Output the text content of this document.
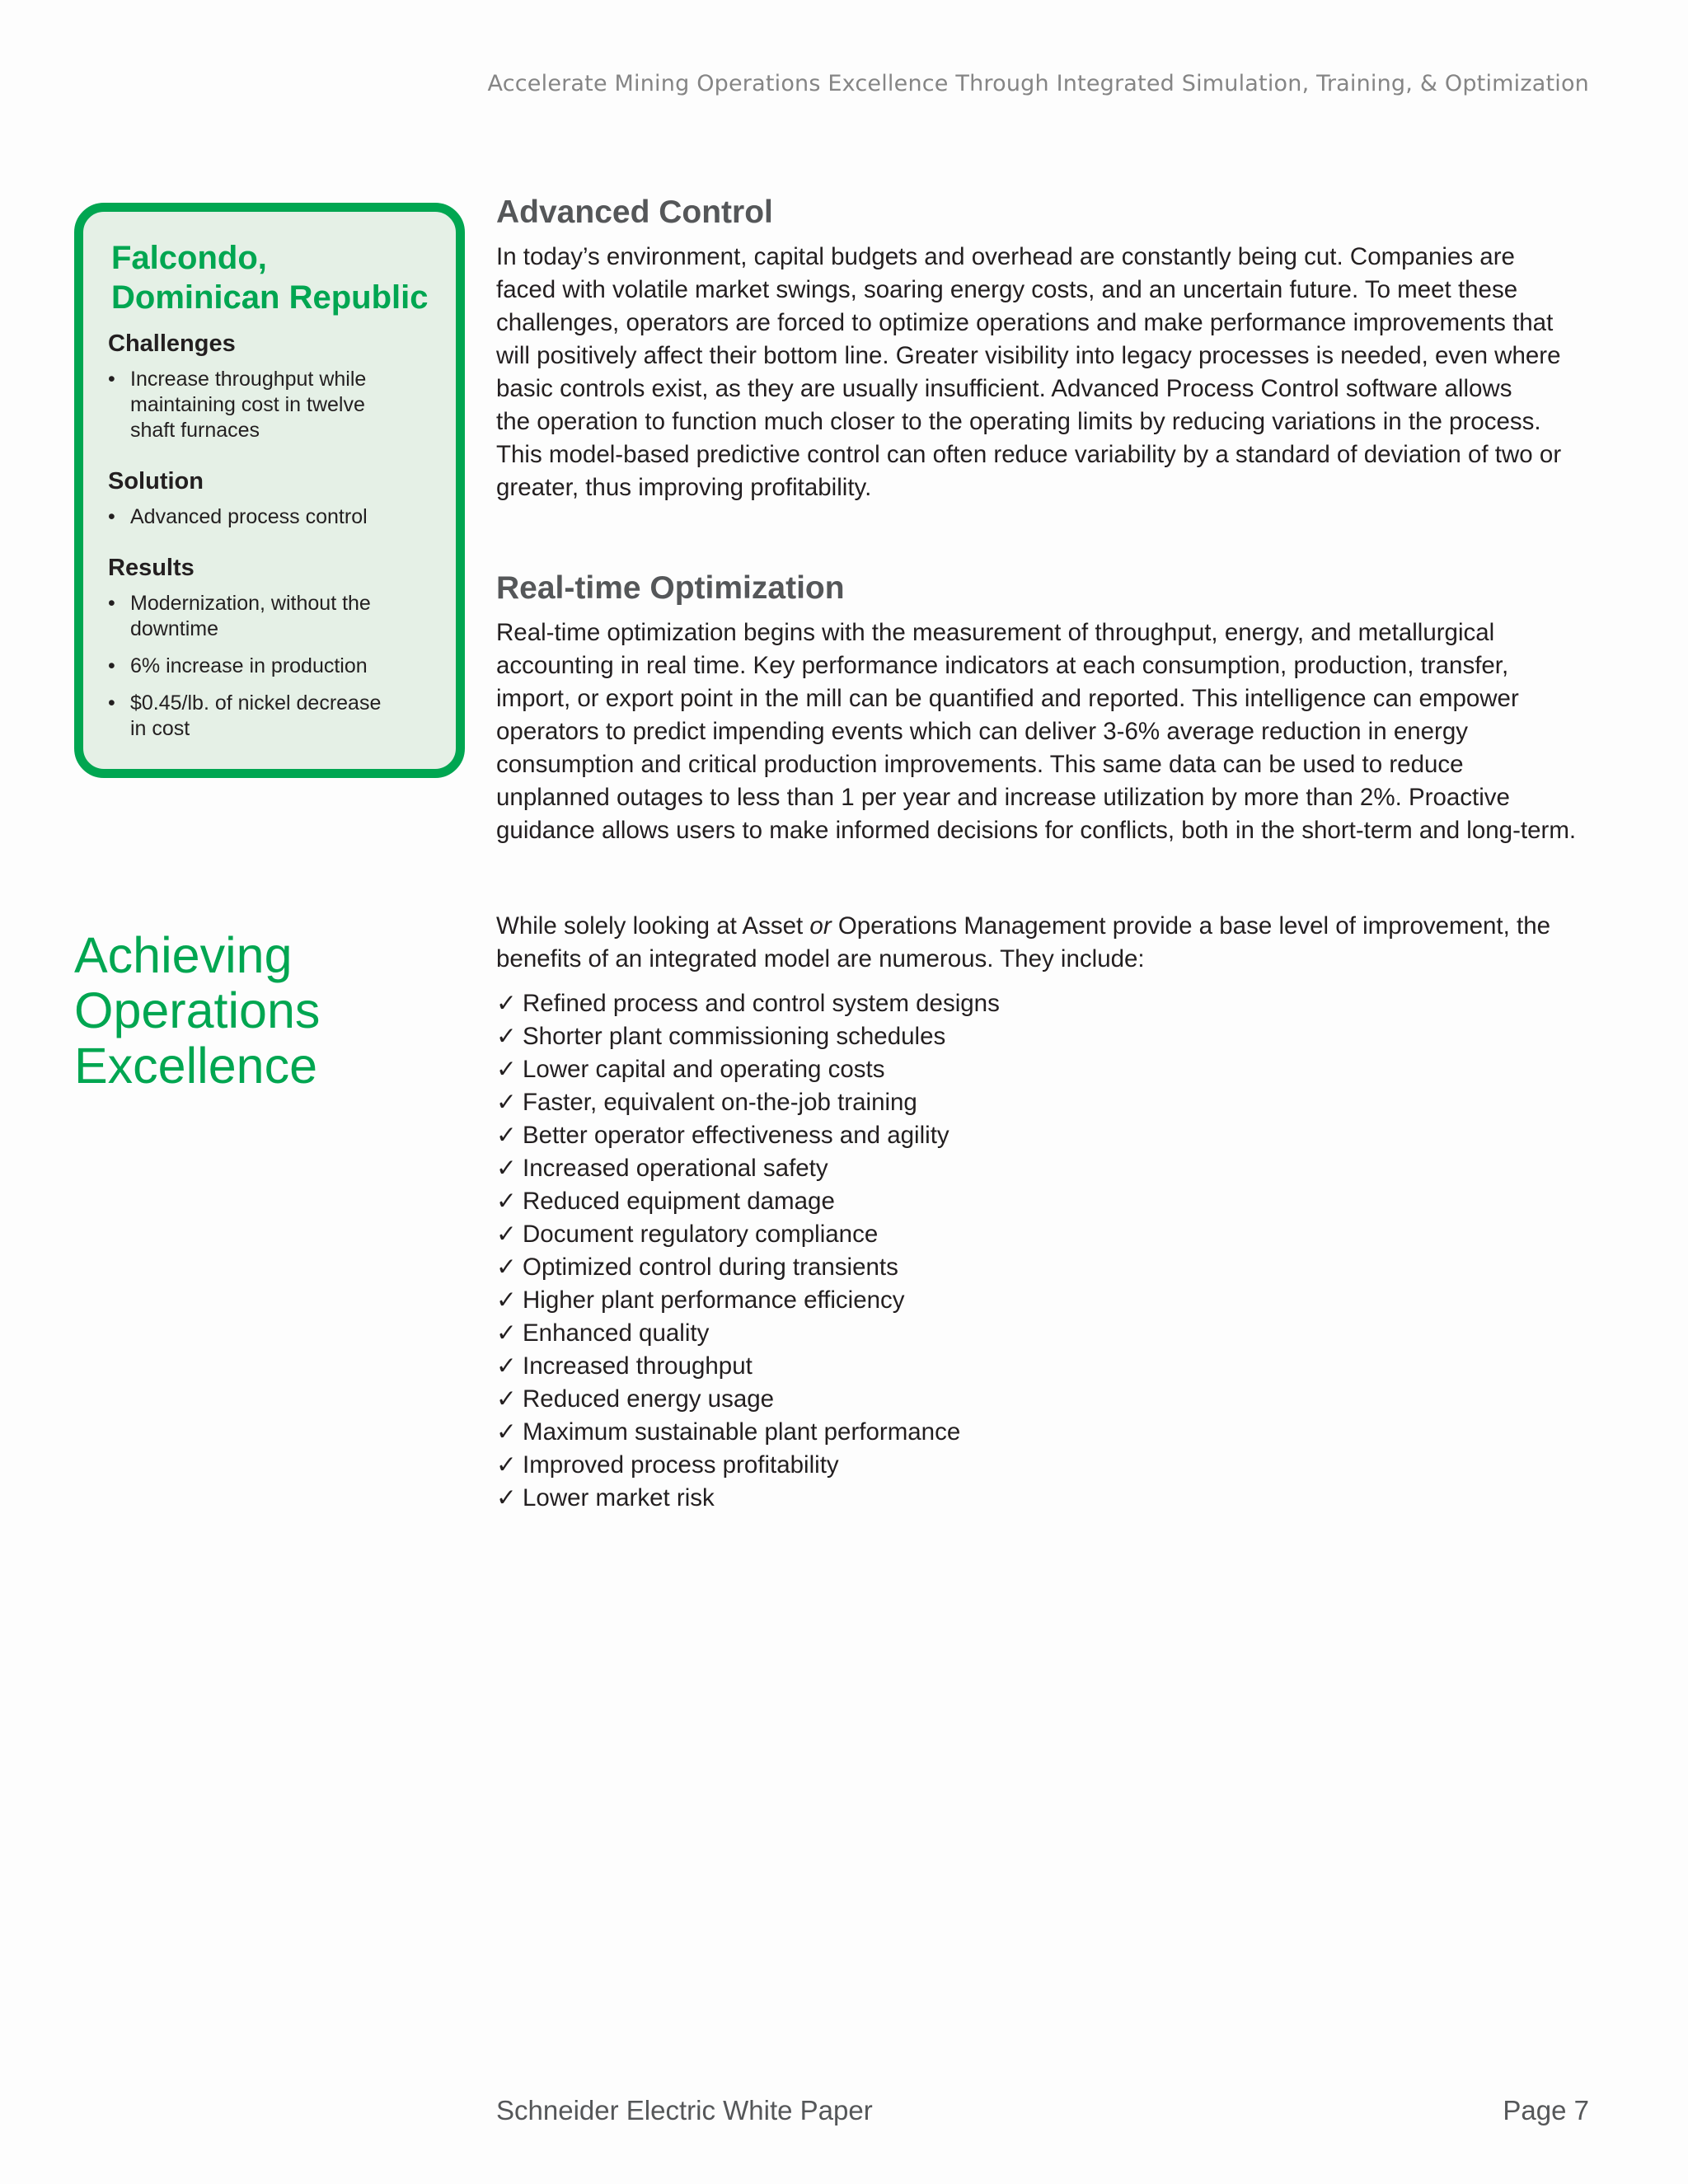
Accelerate Mining Operations Excellence Through Integrated Simulation, Training, & Optimization
Falcondo,
Dominican Republic
Challenges
• Increase throughput while
maintaining cost in twelve
shaft furnaces
Solution
• Advanced process control
Results
• Modernization, without the
downtime
• 6% increase in production
• $0.45/lb. of nickel decrease
in cost
Achieving
Operations
Excellence
Advanced Control

In today’s environment, capital budgets and overhead are constantly being cut. Companies are
faced with volatile market swings, soaring energy costs, and an uncertain future. To meet these
challenges, operators are forced to optimize operations and make performance improvements that
will positively affect their bottom line. Greater visibility into legacy processes is needed, even where
basic controls exist, as they are usually insufficient. Advanced Process Control software allows
the operation to function much closer to the operating limits by reducing variations in the process.
This model-based predictive control can often reduce variability by a standard of deviation of two or
greater, thus improving profitability.

Real-time Optimization

Real-time optimization begins with the measurement of throughput, energy, and metallurgical
accounting in real time. Key performance indicators at each consumption, production, transfer,
import, or export point in the mill can be quantified and reported. This intelligence can empower
operators to predict impending events which can deliver 3-6% average reduction in energy
consumption and critical production improvements. This same data can be used to reduce
unplanned outages to less than 1 per year and increase utilization by more than 2%. Proactive
guidance allows users to make informed decisions for conflicts, both in the short-term and long-term.

While solely looking at Asset or Operations Management provide a base level of improvement, the
benefits of an integrated model are numerous. They include:

✓ Refined process and control system designs
✓ Shorter plant commissioning schedules
✓ Lower capital and operating costs
✓ Faster, equivalent on-the-job training
✓ Better operator effectiveness and agility
✓ Increased operational safety
✓ Reduced equipment damage
✓ Document regulatory compliance
✓ Optimized control during transients
✓ Higher plant performance efficiency
✓ Enhanced quality
✓ Increased throughput
✓ Reduced energy usage
✓ Maximum sustainable plant performance
✓ Improved process profitability
✓ Lower market risk
Schneider Electric White Paper	Page 7
